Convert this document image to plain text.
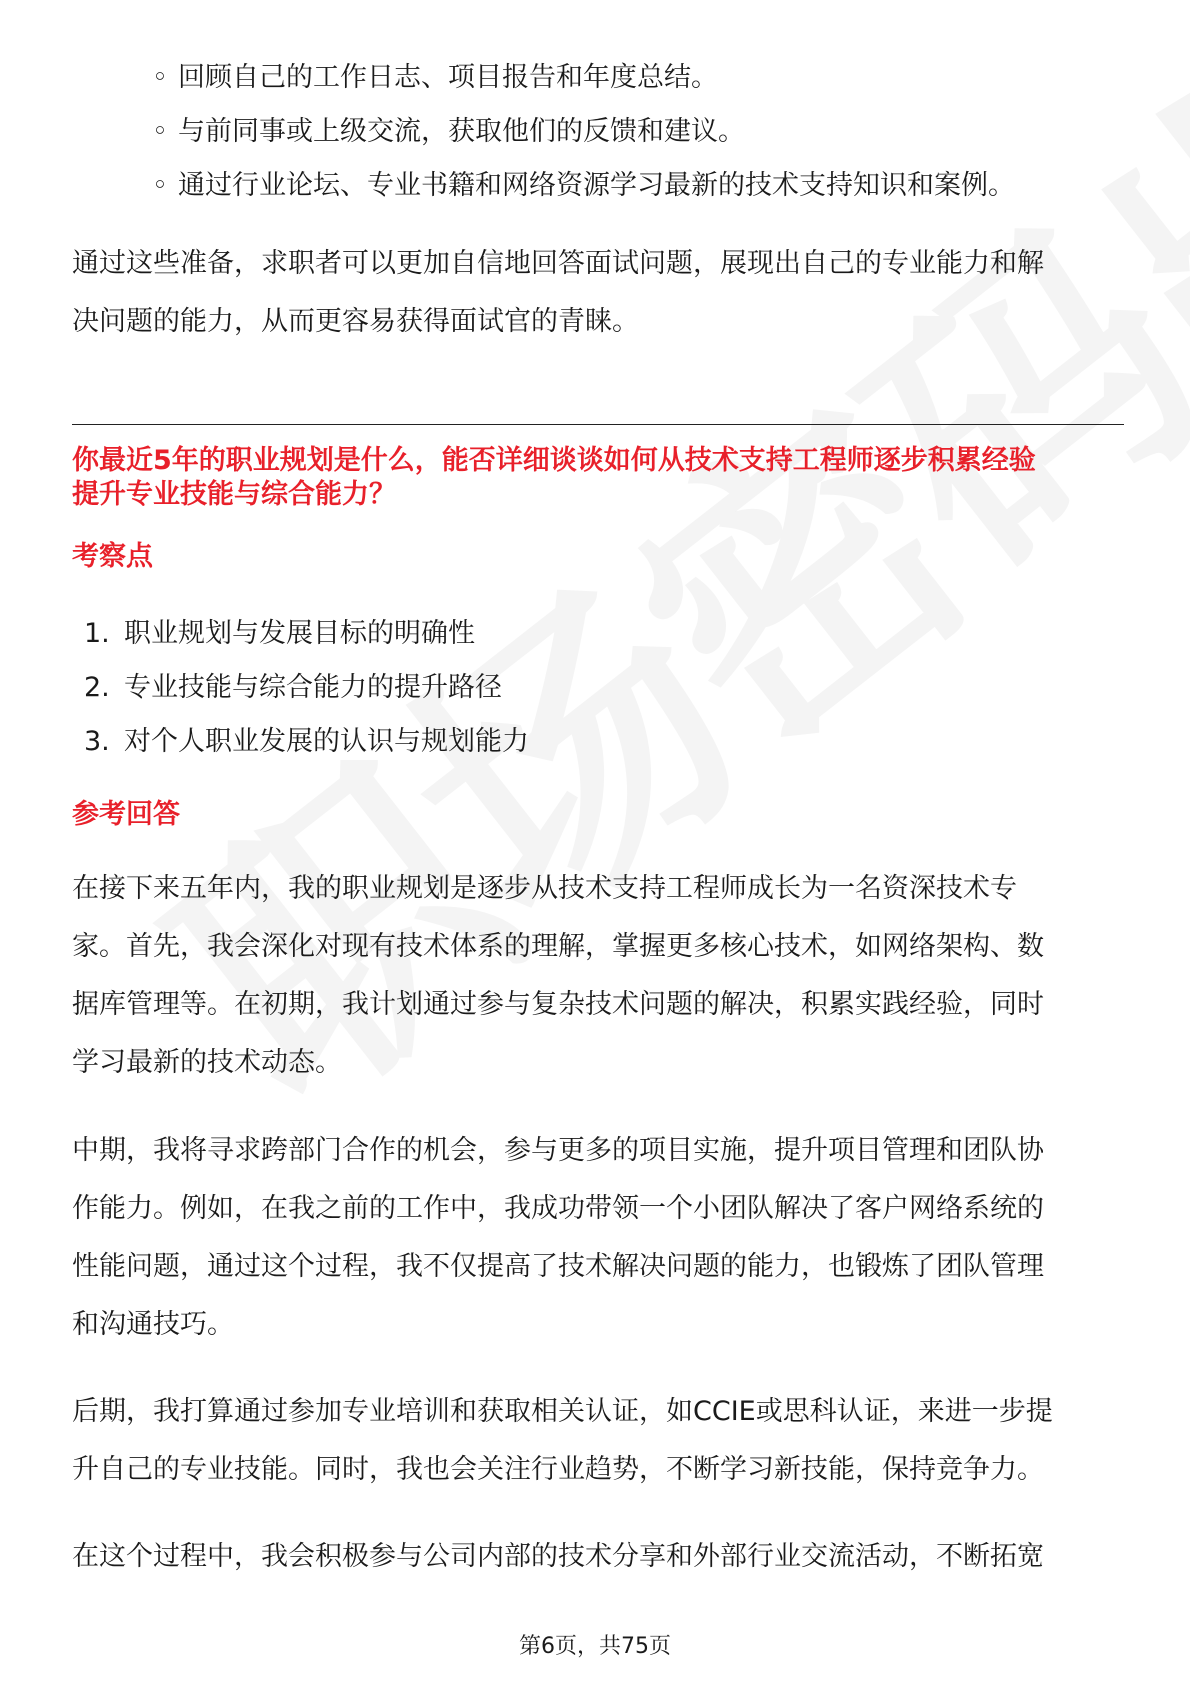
◦ 回顾自己的工作日志、项目报告和年度总结。
◦ 与前同事或上级交流，获取他们的反馈和建议。
◦ 通过行业论坛、专业书籍和网络资源学习最新的技术支持知识和案例。
通过这些准备，求职者可以更加自信地回答面试问题，展现出自己的专业能力和解
决问题的能力，从而更容易获得面试官的青睐。
你最近5年的职业规划是什么，能否详细谈谈如何从技术支持工程师逐步积累经验
提升专业技能与综合能力？
考察点
1. 职业规划与发展目标的明确性
2. 专业技能与综合能力的提升路径
3. 对个人职业发展的认识与规划能力
参考回答
在接下来五年内，我的职业规划是逐步从技术支持工程师成长为一名资深技术专
家。首先，我会深化对现有技术体系的理解，掌握更多核心技术，如网络架构、数
据库管理等。在初期，我计划通过参与复杂技术问题的解决，积累实践经验，同时
学习最新的技术动态。
中期，我将寻求跨部门合作的机会，参与更多的项目实施，提升项目管理和团队协
作能力。例如，在我之前的工作中，我成功带领一个小团队解决了客户网络系统的
性能问题，通过这个过程，我不仅提高了技术解决问题的能力，也锻炼了团队管理
和沟通技巧。
后期，我打算通过参加专业培训和获取相关认证，如CCIE或思科认证，来进一步提
升自己的专业技能。同时，我也会关注行业趋势，不断学习新技能，保持竞争力。
在这个过程中，我会积极参与公司内部的技术分享和外部行业交流活动，不断拓宽
第6页，共75页
